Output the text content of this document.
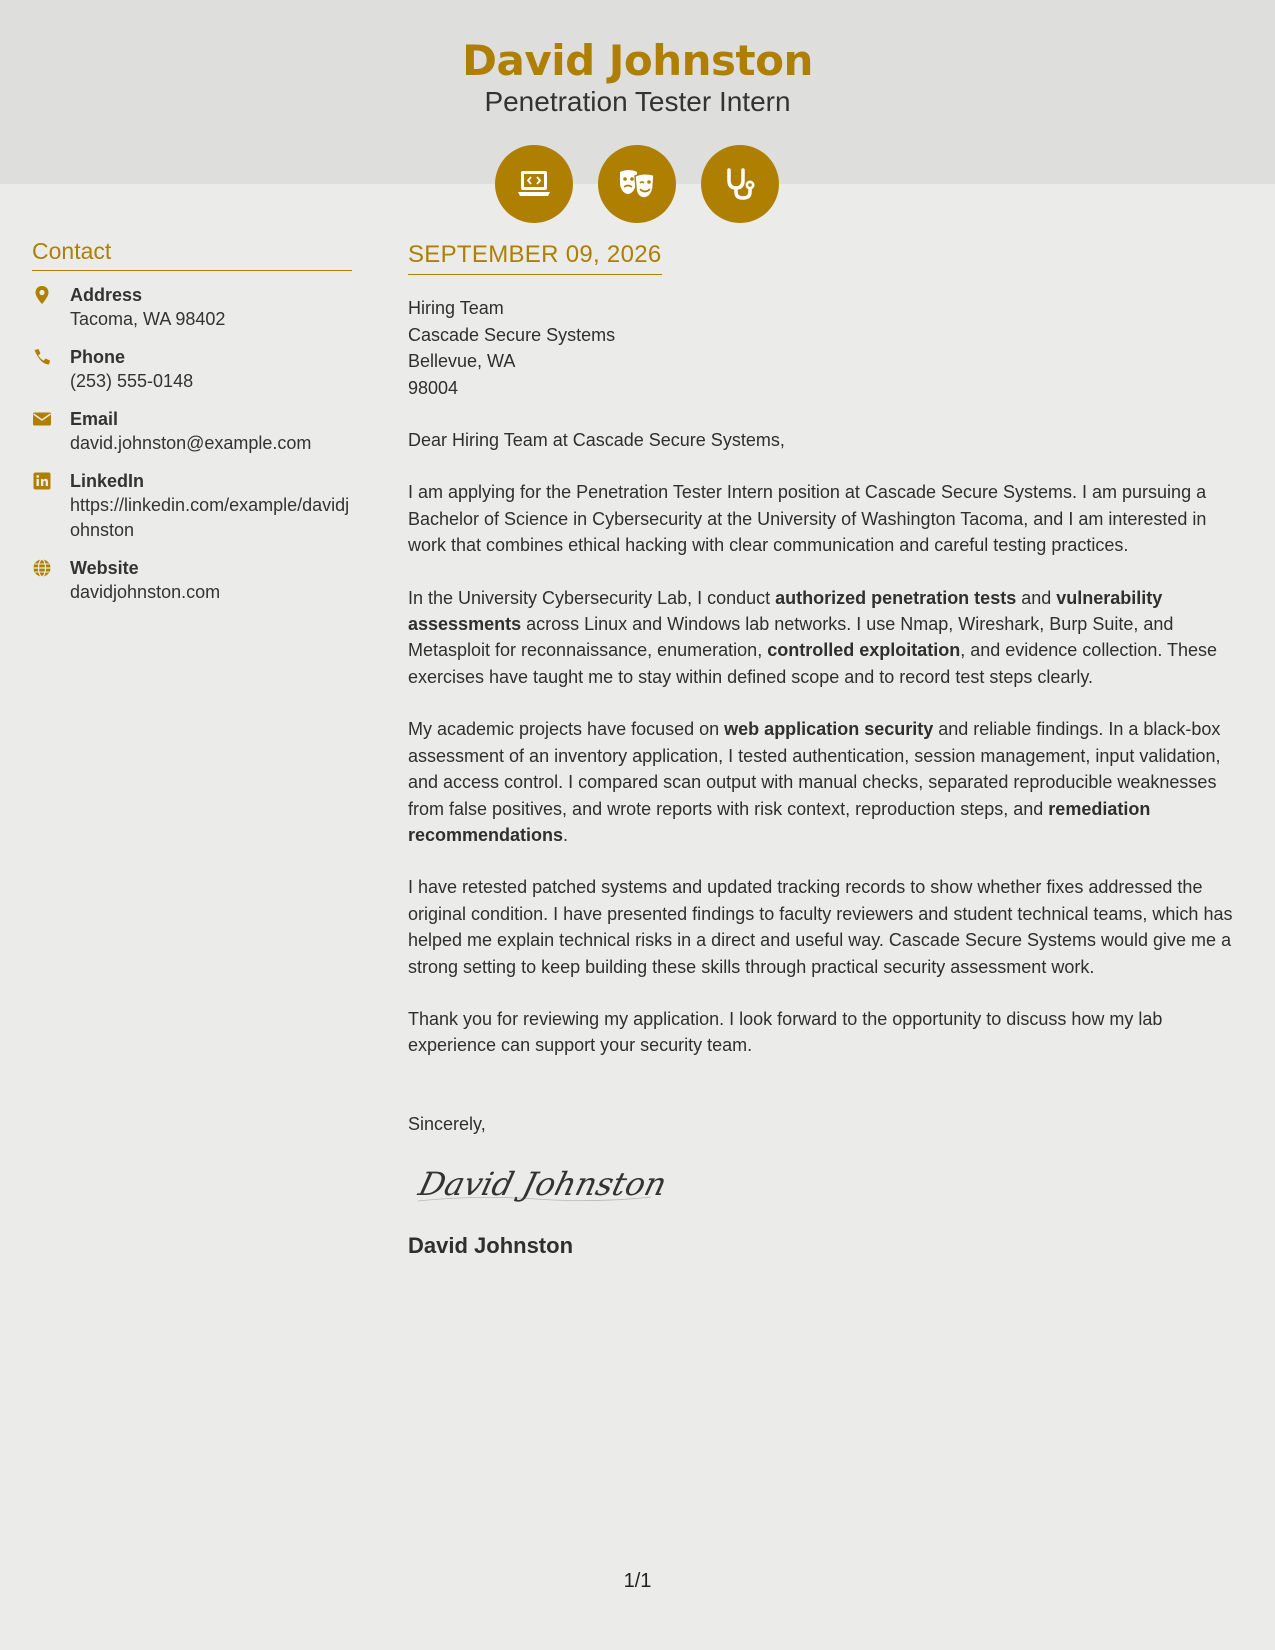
David Johnston
Penetration Tester Intern
Contact
Address
Tacoma, WA 98402
Phone
(253) 555-0148
Email
david.johnston@example.com
LinkedIn
https://linkedin.com/example/davidjohnston
Website
davidjohnston.com
SEPTEMBER 09, 2026
Hiring Team
Cascade Secure Systems
Bellevue, WA
98004
Dear Hiring Team at Cascade Secure Systems,

I am applying for the Penetration Tester Intern position at Cascade Secure Systems. I am pursuing a Bachelor of Science in Cybersecurity at the University of Washington Tacoma, and I am interested in work that combines ethical hacking with clear communication and careful testing practices.

In the University Cybersecurity Lab, I conduct authorized penetration tests and vulnerability assessments across Linux and Windows lab networks. I use Nmap, Wireshark, Burp Suite, and Metasploit for reconnaissance, enumeration, controlled exploitation, and evidence collection. These exercises have taught me to stay within defined scope and to record test steps clearly.

My academic projects have focused on web application security and reliable findings. In a black-box assessment of an inventory application, I tested authentication, session management, input validation, and access control. I compared scan output with manual checks, separated reproducible weaknesses from false positives, and wrote reports with risk context, reproduction steps, and remediation recommendations.

I have retested patched systems and updated tracking records to show whether fixes addressed the original condition. I have presented findings to faculty reviewers and student technical teams, which has helped me explain technical risks in a direct and useful way. Cascade Secure Systems would give me a strong setting to keep building these skills through practical security assessment work.

Thank you for reviewing my application. I look forward to the opportunity to discuss how my lab experience can support your security team.

Sincerely,
David Johnston
David Johnston
1/1
